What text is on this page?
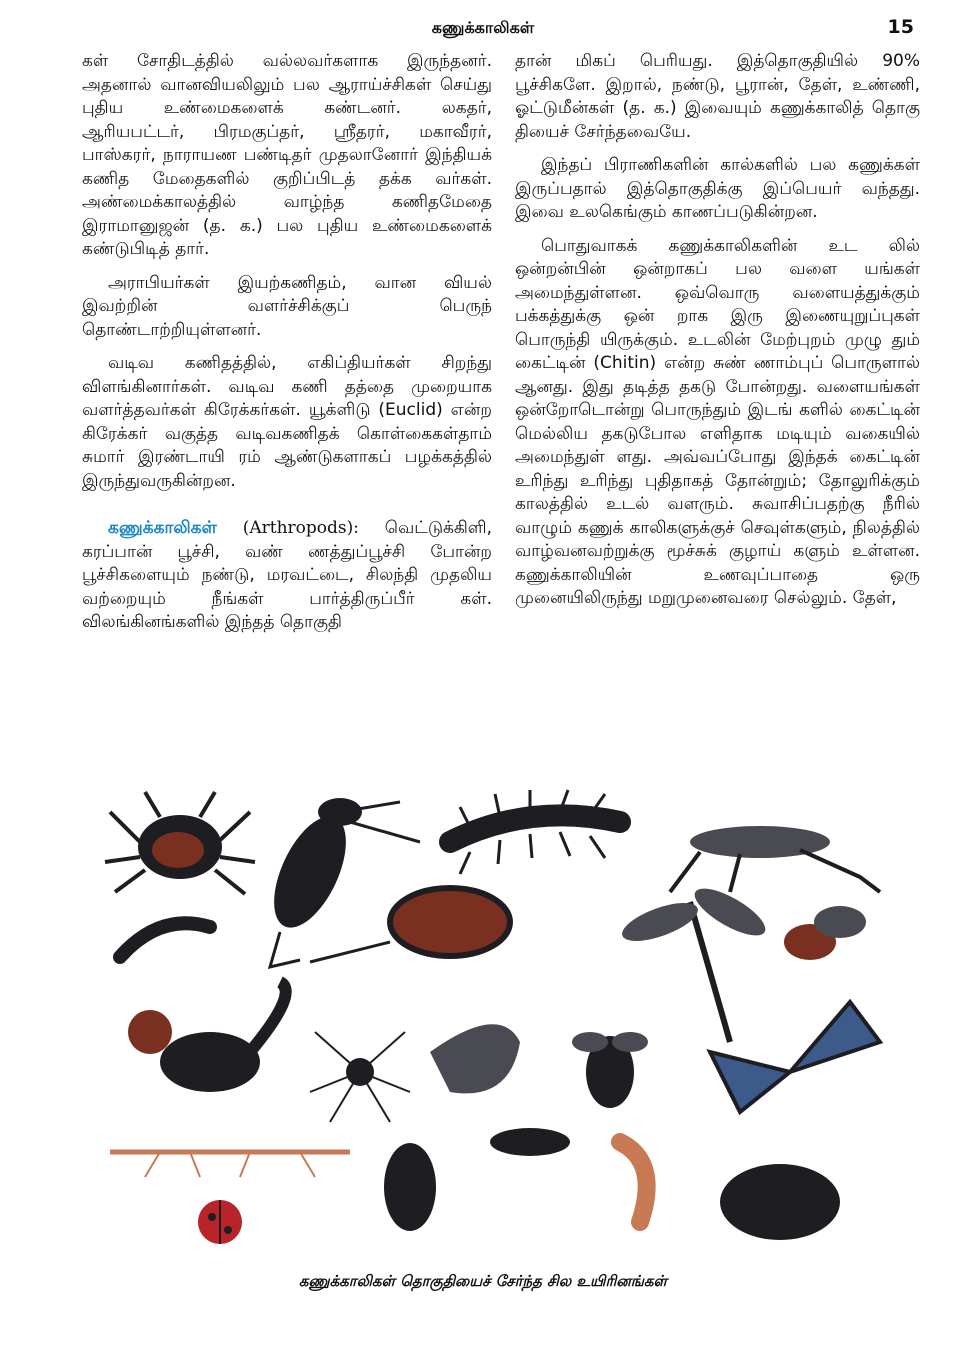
கணுக்காலிகள்	15

கள் சோதிடத்தில் வல்லவர்களாக இருந்தனர். அதனால் வானவியலிலும் பல ஆராய்ச்சிகள் செய்து புதிய உண்மைகளைக் கண்டனர். லகதர், ஆரியபட்டர், பிரமகுப்தர், ஸ்ரீதரர், மகாவீரர், பாஸ்கரர், நாராயண பண்டிதர் முதலானோர் இந்தியக் கணித மேதைகளில் குறிப்பிடத் தக்க வர்கள். அண்மைக்காலத்தில் வாழ்ந்த கணிதமேதை இராமானுஜன் (த. க.) பல புதிய உண்மைகளைக் கண்டுபிடித் தார்.

அராபியர்கள் இயற்கணிதம், வான வியல் இவற்றின் வளர்ச்சிக்குப் பெருந் தொண்டாற்றியுள்ளனர்.

வடிவ கணிதத்தில், எகிப்தியர்கள் சிறந்து விளங்கினார்கள். வடிவ கணி தத்தை முறையாக வளர்த்தவர்கள் கிரேக்கர்கள். யூக்ளிடு (Euclid) என்ற கிரேக்கர் வகுத்த வடிவகணிதக் கொள்கைகள்தாம் சுமார் இரண்டாயி ரம் ஆண்டுகளாகப் பழக்கத்தில் இருந்துவருகின்றன.

கணுக்காலிகள் (Arthropods): வெட்டுக்கிளி, கரப்பான் பூச்சி, வண் ணத்துப்பூச்சி போன்ற பூச்சிகளையும் நண்டு, மரவட்டை, சிலந்தி முதலிய வற்றையும் நீங்கள் பார்த்திருப்பீர் கள். விலங்கினங்களில் இந்தத் தொகுதி

தான் மிகப் பெரியது. இத்தொகுதியில் 90% பூச்சிகளே. இறால், நண்டு, பூரான், தேள், உண்ணி, ஓட்டுமீன்கள் (த. க.) இவையும் கணுக்காலித் தொகு தியைச் சேர்ந்தவையே.

இந்தப் பிராணிகளின் கால்களில் பல கணுக்கள் இருப்பதால் இத்தொகுதிக்கு இப்பெயர் வந்தது. இவை உலகெங்கும் காணப்படுகின்றன.

பொதுவாகக் கணுக்காலிகளின் உட லில் ஒன்றன்பின் ஒன்றாகப் பல வளை யங்கள் அமைந்துள்ளன. ஒவ்வொரு வளையத்துக்கும் பக்கத்துக்கு ஒன் றாக இரு இணையுறுப்புகள் பொருந்தி யிருக்கும். உடலின் மேற்புறம் முழு தும் கைட்டின் (Chitin) என்ற சுண் ணாம்புப் பொருளால் ஆனது. இது தடித்த தகடு போன்றது. வளையங்கள் ஒன்றோடொன்று பொருந்தும் இடங் களில் கைட்டின் மெல்லிய தகடுபோல எளிதாக மடியும் வகையில் அமைந்துள் ளது. அவ்வப்போது இந்தக் கைட்டின் உரிந்து உரிந்து புதிதாகத் தோன்றும்; தோலுரிக்கும் காலத்தில் உடல் வளரும். சுவாசிப்பதற்கு நீரில் வாழும் கணுக் காலிகளுக்குச் செவுள்களும், நிலத்தில் வாழ்வனவற்றுக்கு மூச்சுக் குழாய் களும் உள்ளன. கணுக்காலியின் உணவுப்பாதை ஒரு முனையிலிருந்து மறுமுனைவரை செல்லும். தேள்,

கணுக்காலிகள் தொகுதியைச் சேர்ந்த சில உயிரினங்கள்
